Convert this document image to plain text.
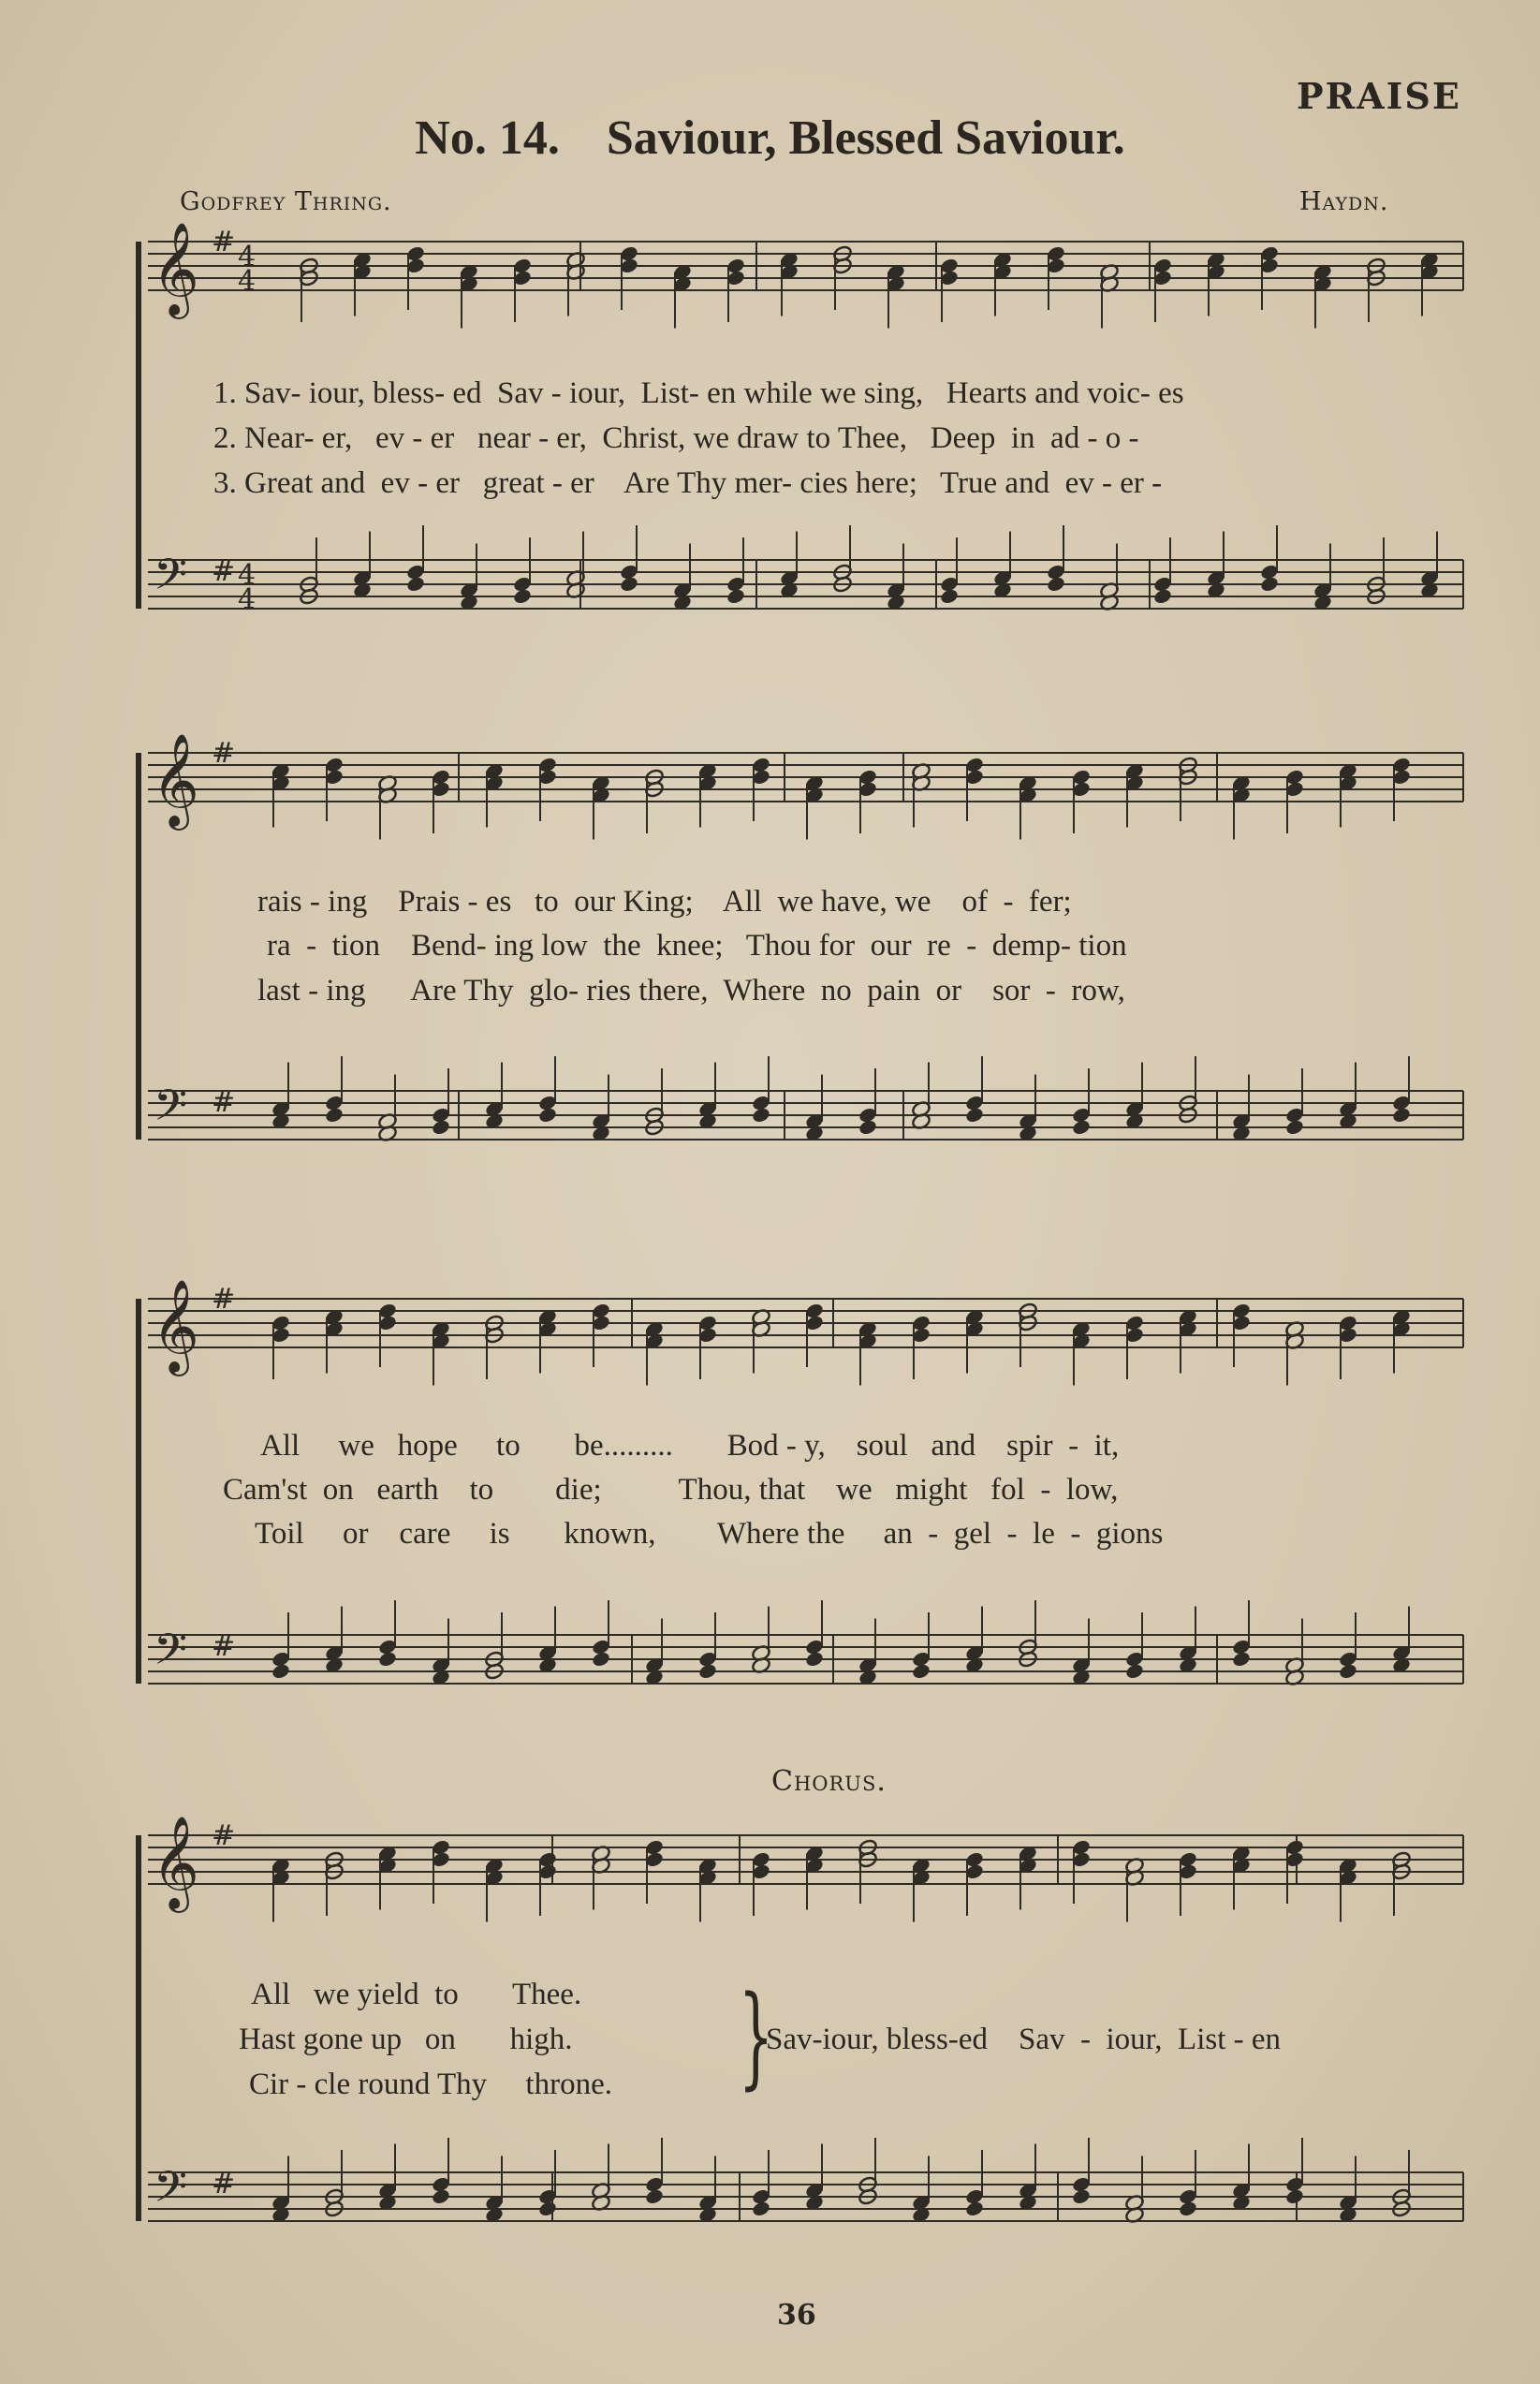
PRAISE
No. 14. Saviour, Blessed Saviour.
Godfrey Thring.	Haydn.
𝄞 # 4
4
𝄢 # 4
4
𝄞 #
𝄢 #
𝄞 #
𝄢 #
𝄞 #
𝄢 #
1. Sav- iour, bless- ed  Sav - iour,  List- en while we sing,   Hearts and voic- es
2. Near- er,   ev - er   near - er,  Christ, we draw to Thee,   Deep  in  ad - o -
3. Great and  ev - er   great - er    Are Thy mer- cies here;   True and  ev - er -
rais - ing    Prais - es   to  our King;    All  we have, we    of  -  fer;
ra  -  tion    Bend- ing low  the  knee;   Thou for  our  re  -  demp- tion
last - ing      Are Thy  glo- ries there,  Where  no  pain  or    sor  -  row,
All     we   hope     to       be.........       Bod - y,    soul   and    spir  -  it,
Cam'st  on   earth    to        die;          Thou, that    we   might   fol  -  low,
Toil     or    care     is       known,        Where the     an  -  gel  -  le  -  gions
Chorus.
All   we yield  to       Thee.
Hast gone up   on       high.
Cir - cle round Thy     throne. }
Sav-iour, bless-ed    Sav  -  iour,  List - en
36
